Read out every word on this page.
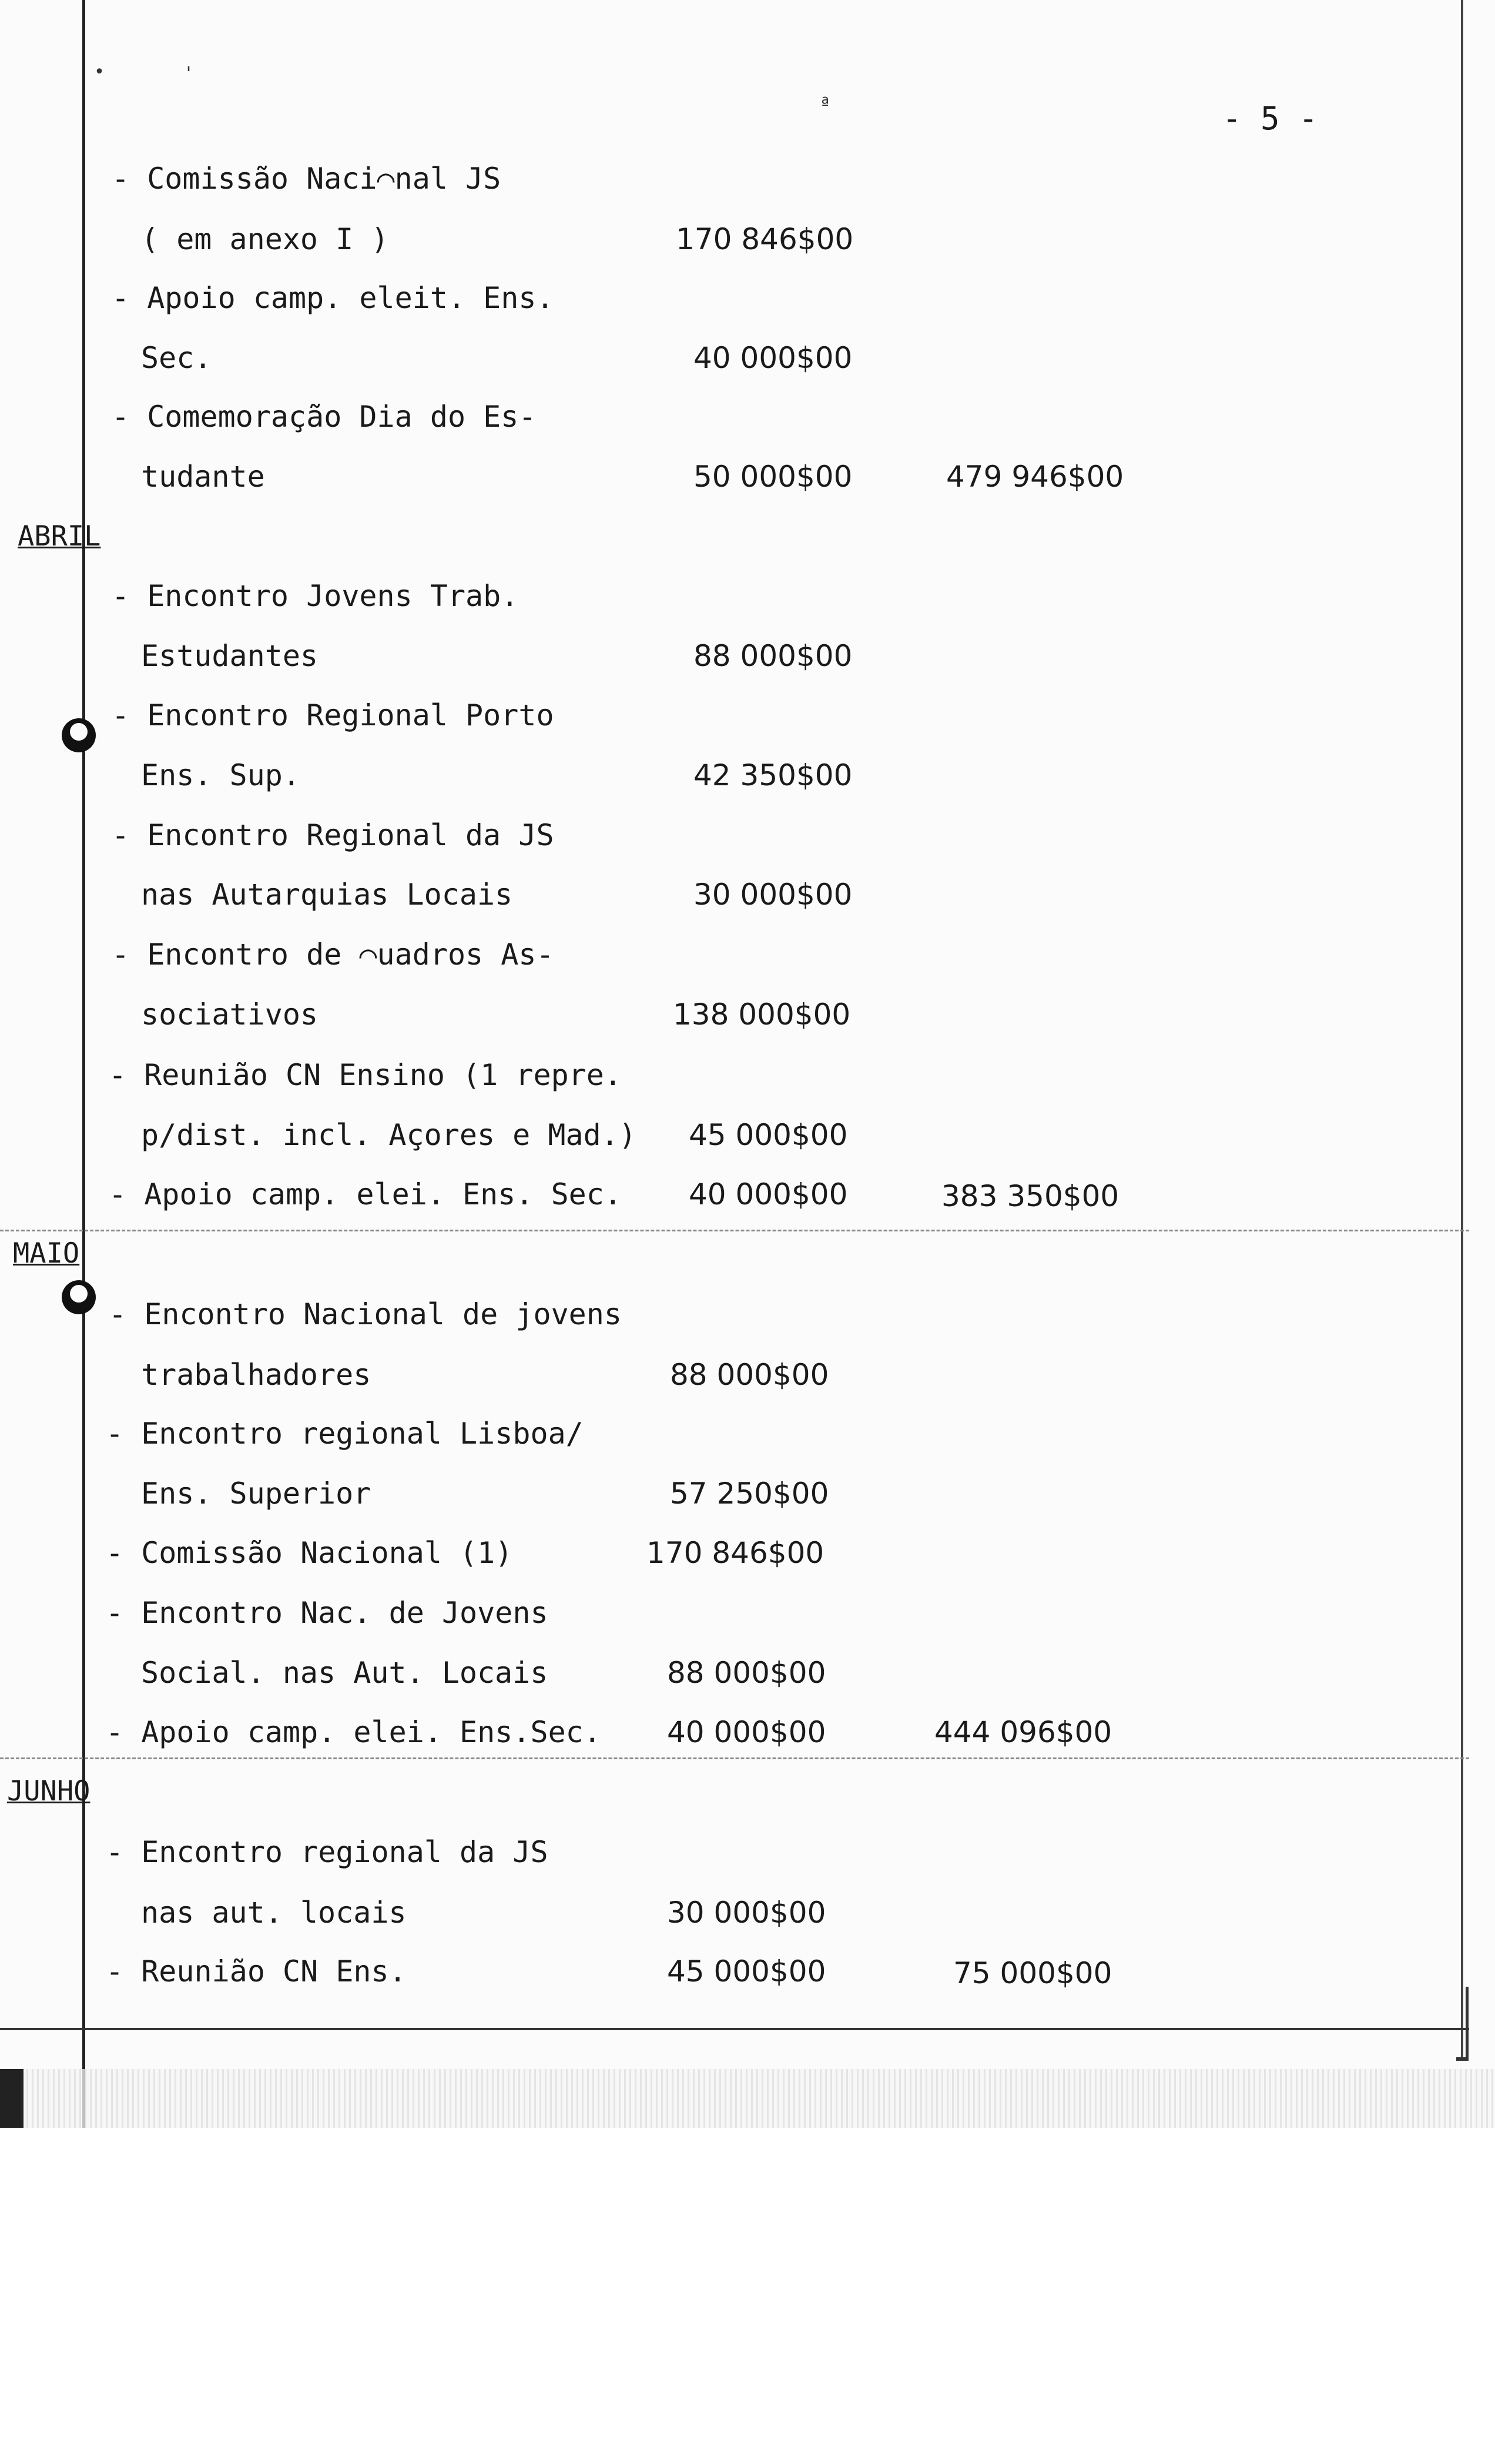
•	'
ª	- 5 -
ABRIL
MAIO
JUNHO
- Comissão Naci⌒nal JS
( em anexo I )	170 846$00
- Apoio camp. eleit. Ens.
Sec.	40 000$00
- Comemoração Dia do Es-
tudante	50 000$00	479 946$00
- Encontro Jovens Trab.
Estudantes	88 000$00
- Encontro Regional Porto
Ens. Sup.	42 350$00
- Encontro Regional da JS
nas Autarquias Locais	30 000$00
- Encontro de ⌒uadros As-
sociativos	138 000$00
- Reunião CN Ensino (1 repre.
p/dist. incl. Açores e Mad.) 45 000$00
- Apoio camp. elei. Ens. Sec. 40 000$00	383 350$00
- Encontro Nacional de jovens
trabalhadores	88 000$00
- Encontro regional Lisboa/
Ens. Superior	57 250$00
- Comissão Nacional (1)	170 846$00
- Encontro Nac. de Jovens
Social. nas Aut. Locais	88 000$00
- Apoio camp. elei. Ens.Sec. 40 000$00	444 096$00
- Encontro regional da JS
nas aut. locais	30 000$00
- Reunião CN Ens.	45 000$00	75 000$00
